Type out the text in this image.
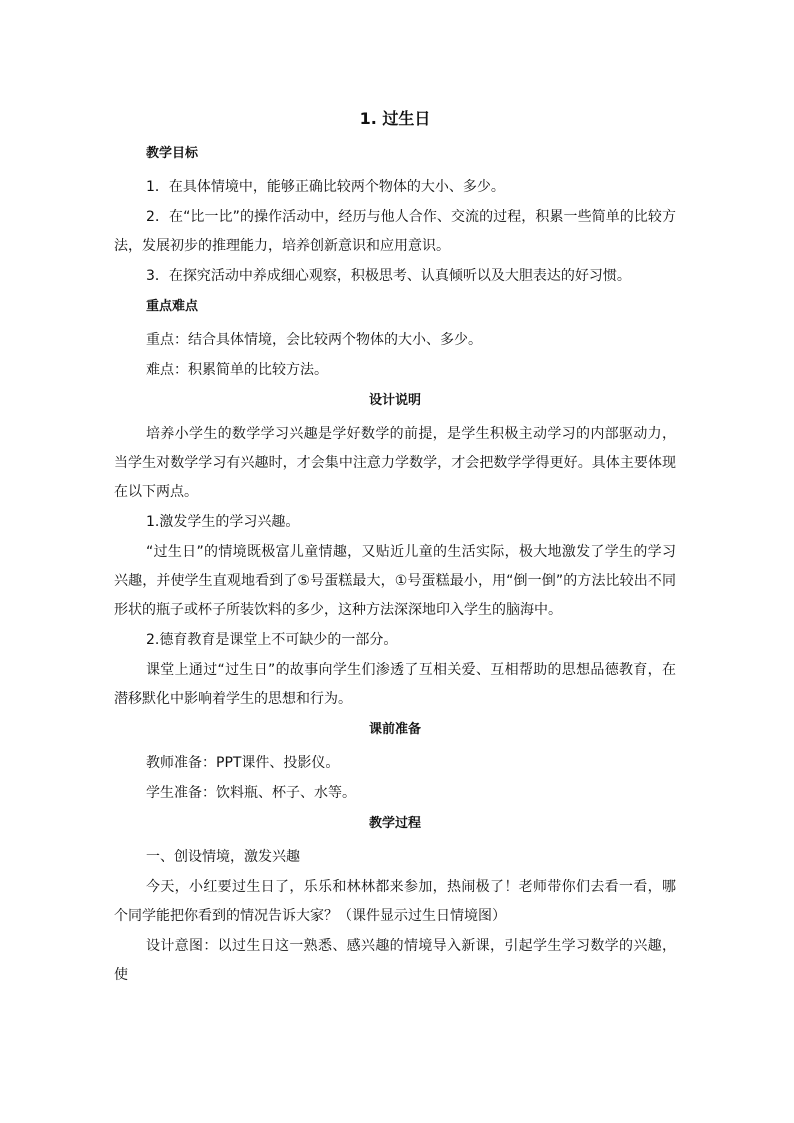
1. 过生日
教学目标

1．在具体情境中，能够正确比较两个物体的大小、多少。

2．在“比一比”的操作活动中，经历与他人合作、交流的过程，积累一些简单的比较方法，发展初步的推理能力，培养创新意识和应用意识。

3．在探究活动中养成细心观察，积极思考、认真倾听以及大胆表达的好习惯。

重点难点

重点：结合具体情境，会比较两个物体的大小、多少。

难点：积累简单的比较方法。

设计说明

培养小学生的数学学习兴趣是学好数学的前提，是学生积极主动学习的内部驱动力，当学生对数学学习有兴趣时，才会集中注意力学数学，才会把数学学得更好。具体主要体现在以下两点。

1.激发学生的学习兴趣。

“过生日”的情境既极富儿童情趣，又贴近儿童的生活实际，极大地激发了学生的学习兴趣，并使学生直观地看到了⑤号蛋糕最大，①号蛋糕最小，用“倒一倒”的方法比较出不同形状的瓶子或杯子所装饮料的多少，这种方法深深地印入学生的脑海中。

2.德育教育是课堂上不可缺少的一部分。

课堂上通过“过生日”的故事向学生们渗透了互相关爱、互相帮助的思想品德教育，在潜移默化中影响着学生的思想和行为。

课前准备

教师准备：PPT课件、投影仪。

学生准备：饮料瓶、杯子、水等。

教学过程

一、创设情境，激发兴趣

今天，小红要过生日了，乐乐和林林都来参加，热闹极了！老师带你们去看一看，哪个同学能把你看到的情况告诉大家？（课件显示过生日情境图）

设计意图：以过生日这一熟悉、感兴趣的情境导入新课，引起学生学习数学的兴趣，使
